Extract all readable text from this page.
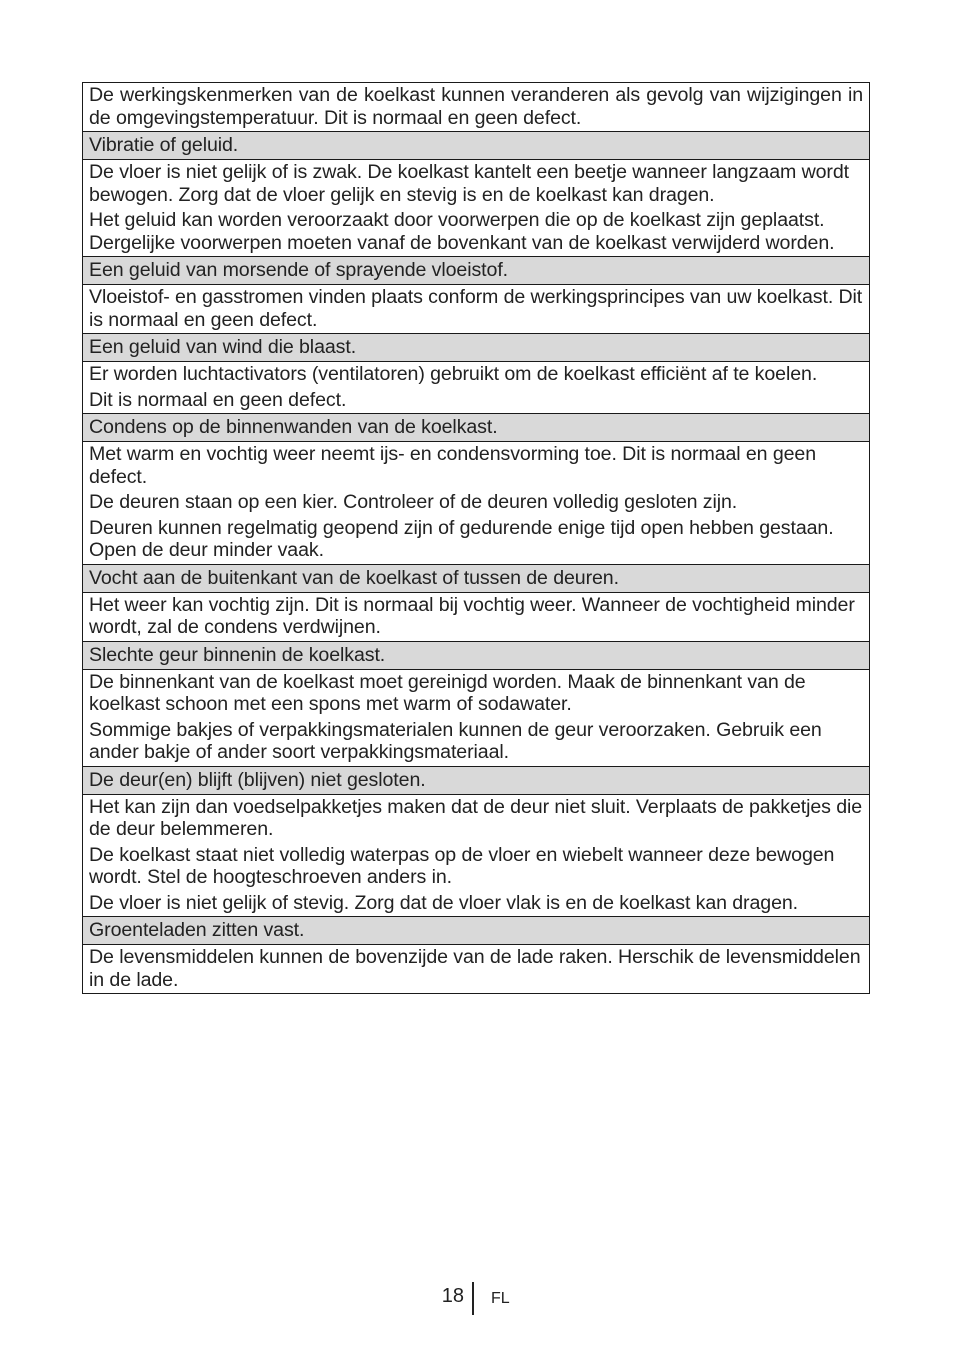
De werkingskenmerken van de koelkast kunnen veranderen als gevolg van wijzigingen in de omgevingstemperatuur. Dit is normaal en geen defect.

Vibratie of geluid.

De vloer is niet gelijk of is zwak. De koelkast kantelt een beetje wanneer langzaam wordt bewogen. Zorg dat de vloer gelijk en stevig is en de koelkast kan dragen.

Het geluid kan worden veroorzaakt door voorwerpen die op de koelkast zijn geplaatst. Dergelijke voorwerpen moeten vanaf de bovenkant van de koelkast verwijderd worden.

Een geluid van morsende of sprayende vloeistof.

Vloeistof- en gasstromen vinden plaats conform de werkingsprincipes van uw koelkast. Dit is normaal en geen defect.

Een geluid van wind die blaast.

Er worden luchtactivators (ventilatoren) gebruikt om de koelkast efficiënt af te koelen.

Dit is normaal en geen defect.

Condens op de binnenwanden van de koelkast.

Met warm en vochtig weer neemt ijs- en condensvorming toe. Dit is normaal en geen defect.

De deuren staan op een kier. Controleer of de deuren volledig gesloten zijn.

Deuren kunnen regelmatig geopend zijn of gedurende enige tijd open hebben gestaan. Open de deur minder vaak.

Vocht aan de buitenkant van de koelkast of tussen de deuren.

Het weer kan vochtig zijn. Dit is normaal bij vochtig weer. Wanneer de vochtigheid minder wordt, zal de condens verdwijnen.

Slechte geur binnenin de koelkast.

De binnenkant van de koelkast moet gereinigd worden. Maak de binnenkant van de koelkast schoon met een spons met warm of sodawater.

Sommige bakjes of verpakkingsmaterialen kunnen de geur veroorzaken. Gebruik een ander bakje of ander soort verpakkingsmateriaal.

De deur(en) blijft (blijven) niet gesloten.

Het kan zijn dan voedselpakketjes maken dat de deur niet sluit. Verplaats de pakketjes die de deur belemmeren.

De koelkast staat niet volledig waterpas op de vloer en wiebelt wanneer deze bewogen wordt. Stel de hoogteschroeven anders in.

De vloer is niet gelijk of stevig. Zorg dat de vloer vlak is en de koelkast kan dragen.

Groenteladen zitten vast.

De levensmiddelen kunnen de bovenzijde van de lade raken. Herschik de levensmiddelen in de lade.

18 FL
